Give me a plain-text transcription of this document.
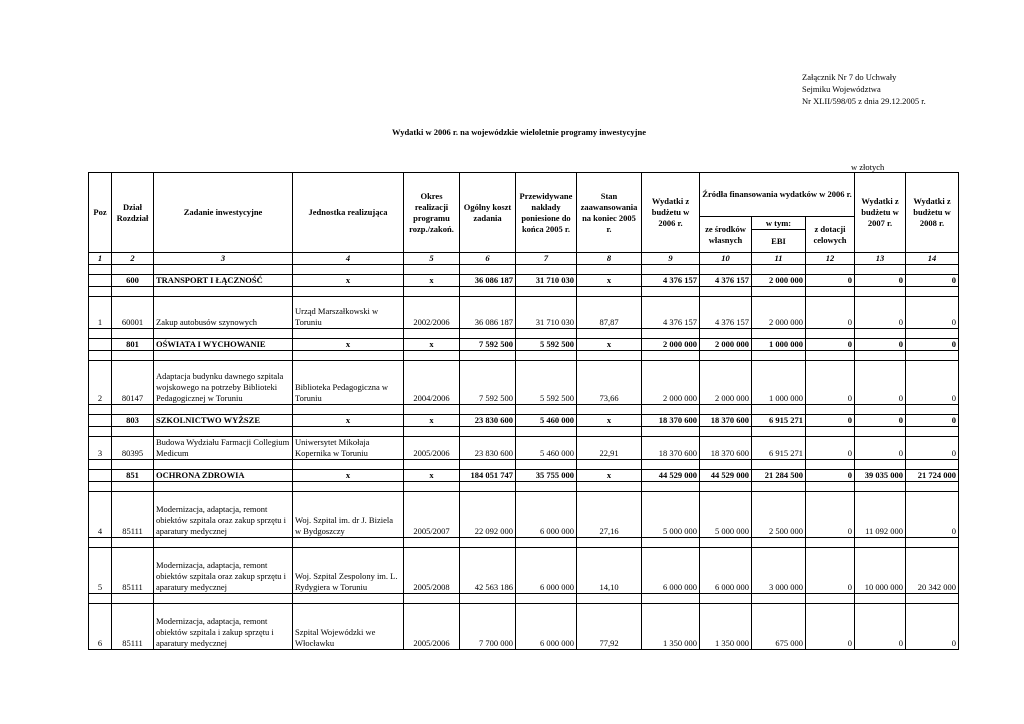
Załącznik Nr 7 do Uchwały
Sejmiku Województwa
Nr XLII/598/05 z dnia 29.12.2005 r.
Wydatki w 2006 r. na wojewódzkie wieloletnie programy inwestycyjne
w złotych
Poz	Dział Rozdział	Zadanie inwestycyjne	Jednostka realizująca	Okres realizacji programu rozp./zakoń.	Ogólny koszt zadania	Przewidywane nakłady poniesione do końca 2005 r.	Stan zaawansowania na koniec 2005 r.	Wydatki z budżetu w 2006 r.	Źródła finansowania wydatków w 2006 r.			Wydatki z budżetu w 2007 r.	Wydatki z budżetu w 2008 r.
									ze środków własnych	w tym:	z dotacji celowych		
										EBI			
1	2	3	4	5	6	7	8	9	10	11	12	13	14

	600	TRANSPORT I ŁĄCZNOŚĆ	x	x	36 086 187	31 710 030	x	4 376 157	4 376 157	2 000 000	0	0	0

1	60001	Zakup autobusów szynowych	Urząd Marszałkowski w Toruniu	2002/2006	36 086 187	31 710 030	87,87	4 376 157	4 376 157	2 000 000	0	0	0

	801	OŚWIATA I WYCHOWANIE	x	x	7 592 500	5 592 500	x	2 000 000	2 000 000	1 000 000	0	0	0

2	80147	Adaptacja budynku dawnego szpitala wojskowego na potrzeby Biblioteki Pedagogicznej w Toruniu	Biblioteka Pedagogiczna w Toruniu	2004/2006	7 592 500	5 592 500	73,66	2 000 000	2 000 000	1 000 000	0	0	0

	803	SZKOLNICTWO WYŻSZE	x	x	23 830 600	5 460 000	x	18 370 600	18 370 600	6 915 271	0	0	0

3	80395	Budowa Wydziału Farmacji Collegium Medicum	Uniwersytet Mikołaja Kopernika w Toruniu	2005/2006	23 830 600	5 460 000	22,91	18 370 600	18 370 600	6 915 271	0	0	0

	851	OCHRONA ZDROWIA	x	x	184 051 747	35 755 000	x	44 529 000	44 529 000	21 284 500	0	39 035 000	21 724 000

4	85111	Modernizacja, adaptacja, remont obiektów szpitala oraz zakup sprzętu i aparatury medycznej	Woj. Szpital im. dr J. Biziela w Bydgoszczy	2005/2007	22 092 000	6 000 000	27,16	5 000 000	5 000 000	2 500 000	0	11 092 000	0

5	85111	Modernizacja, adaptacja, remont obiektów szpitala oraz zakup sprzętu i aparatury medycznej	Woj. Szpital Zespolony im. L. Rydygiera w Toruniu	2005/2008	42 563 186	6 000 000	14,10	6 000 000	6 000 000	3 000 000	0	10 000 000	20 342 000

6	85111	Modernizacja, adaptacja, remont obiektów szpitala i zakup sprzętu i aparatury medycznej	Szpital Wojewódzki we Włocławku	2005/2006	7 700 000	6 000 000	77,92	1 350 000	1 350 000	675 000	0	0	0
